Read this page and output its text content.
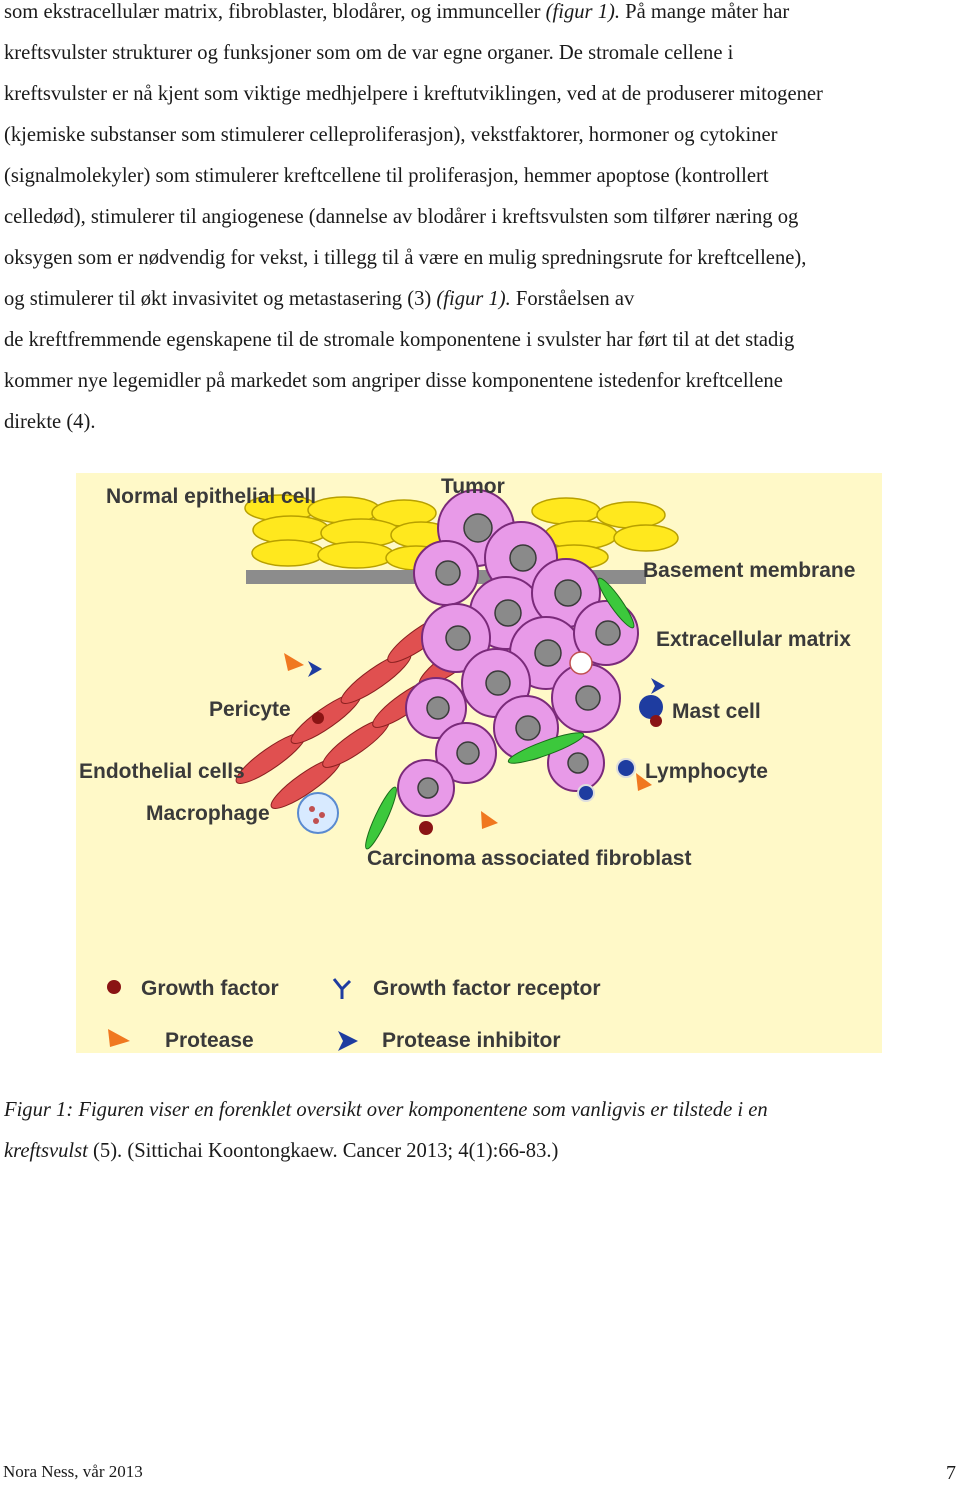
som ekstracellulær matrix, fibroblaster, blodårer, og immunceller (figur 1). På mange måter har
kreftsvulster strukturer og funksjoner som om de var egne organer. De stromale cellene i
kreftsvulster er nå kjent som viktige medhjelpere i kreftutviklingen, ved at de produserer mitogener
(kjemiske substanser som stimulerer celleproliferasjon), vekstfaktorer, hormoner og cytokiner
(signalmolekyler) som stimulerer kreftcellene til proliferasjon, hemmer apoptose (kontrollert
celledød), stimulerer til angiogenese (dannelse av blodårer i kreftsvulsten som tilfører næring og
oksygen som er nødvendig for vekst, i tillegg til å være en mulig spredningsrute for kreftcellene),
og stimulerer til økt invasivitet og metastasering (3) (figur 1). Forståelsen av
de kreftfremmende egenskapene til de stromale komponentene i svulster har ført til at det stadig
kommer nye legemidler på markedet som angriper disse komponentene istedenfor kreftcellene
direkte (4).
Normal epithelial cell	Tumor
Basement membrane
Extracellular matrix
Pericyte	Mast cell
Endothelial cells	Lymphocyte
Macrophage
Carcinoma associated fibroblast
Growth factor	Growth factor receptor
Protease	Protease inhibitor
Figur 1: Figuren viser en forenklet oversikt over komponentene som vanligvis er tilstede i en
kreftsvulst (5). (Sittichai Koontongkaew. Cancer 2013; 4(1):66-83.)
Nora Ness, vår 2013	7
